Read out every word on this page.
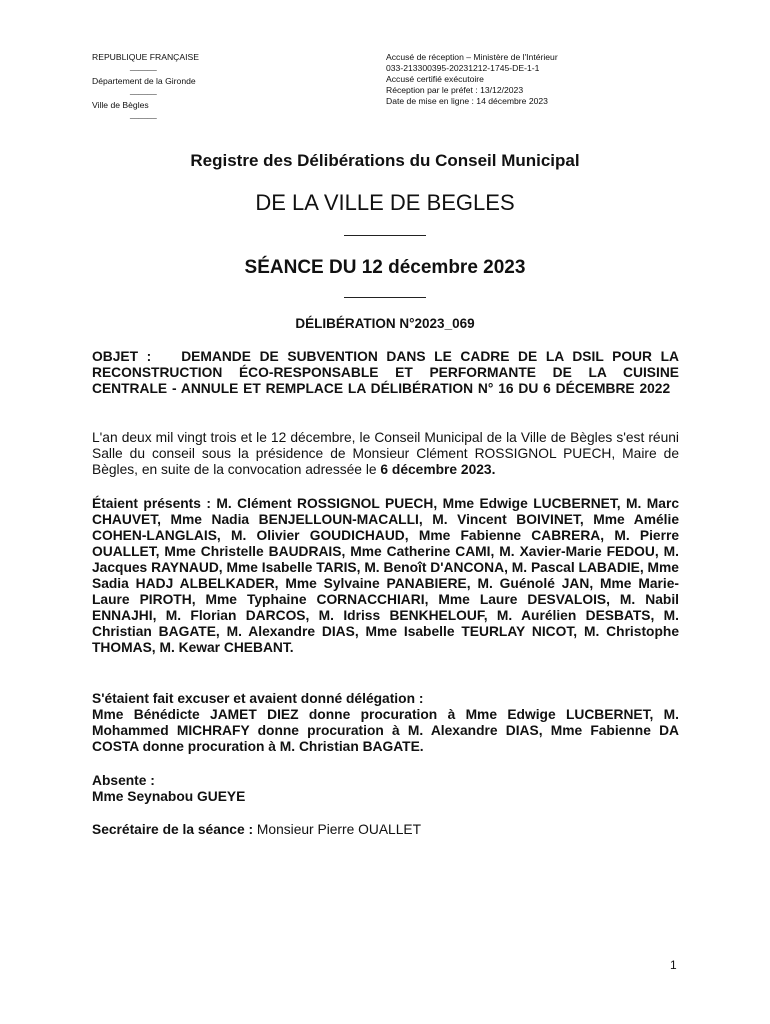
REPUBLIQUE FRANÇAISE
______
Département de la Gironde
______
Ville de Bègles
______
Accusé de réception – Ministère de l'Intérieur
033-213300395-20231212-1745-DE-1-1
Accusé certifié exécutoire
Réception par le préfet : 13/12/2023
Date de mise en ligne : 14 décembre 2023
Registre des Délibérations du Conseil Municipal
DE LA VILLE DE BEGLES
SÉANCE DU 12 décembre 2023
DÉLIBÉRATION N°2023_069
OBJET : DEMANDE DE SUBVENTION DANS LE CADRE DE LA DSIL POUR LA RECONSTRUCTION ÉCO-RESPONSABLE ET PERFORMANTE DE LA CUISINE CENTRALE - ANNULE ET REMPLACE LA DÉLIBÉRATION N° 16 DU 6 DÉCEMBRE 2022
L'an deux mil vingt trois et le 12 décembre, le Conseil Municipal de la Ville de Bègles s'est réuni Salle du conseil sous la présidence de Monsieur Clément ROSSIGNOL PUECH, Maire de Bègles, en suite de la convocation adressée le 6 décembre 2023.
Étaient présents : M. Clément ROSSIGNOL PUECH, Mme Edwige LUCBERNET, M. Marc CHAUVET, Mme Nadia BENJELLOUN-MACALLI, M. Vincent BOIVINET, Mme Amélie COHEN-LANGLAIS, M. Olivier GOUDICHAUD, Mme Fabienne CABRERA, M. Pierre OUALLET, Mme Christelle BAUDRAIS, Mme Catherine CAMI, M. Xavier-Marie FEDOU, M. Jacques RAYNAUD, Mme Isabelle TARIS, M. Benoît D'ANCONA, M. Pascal LABADIE, Mme Sadia HADJ ALBELKADER, Mme Sylvaine PANABIERE, M. Guénolé JAN, Mme Marie-Laure PIROTH, Mme Typhaine CORNACCHIARI, Mme Laure DESVALOIS, M. Nabil ENNAJHI, M. Florian DARCOS, M. Idriss BENKHELOUF, M. Aurélien DESBATS, M. Christian BAGATE, M. Alexandre DIAS, Mme Isabelle TEURLAY NICOT, M. Christophe THOMAS, M. Kewar CHEBANT.
S'étaient fait excuser et avaient donné délégation :
Mme Bénédicte JAMET DIEZ donne procuration à Mme Edwige LUCBERNET, M. Mohammed MICHRAFY donne procuration à M. Alexandre DIAS, Mme Fabienne DA COSTA donne procuration à M. Christian BAGATE.
Absente :
Mme Seynabou GUEYE
Secrétaire de la séance : Monsieur Pierre OUALLET
1
